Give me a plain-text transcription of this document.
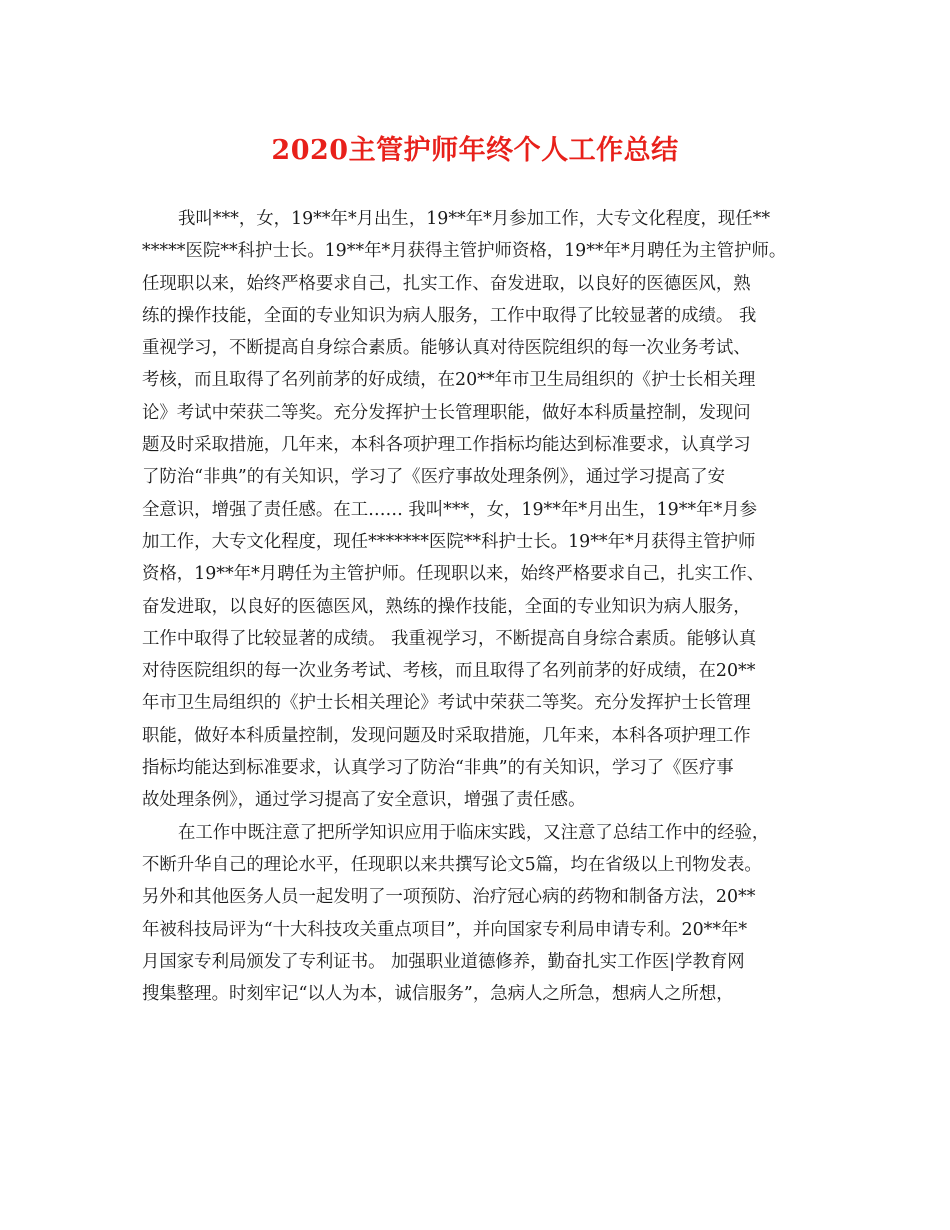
2020主管护师年终个人工作总结
我叫***，女，19**年*月出生，19**年*月参加工作，大专文化程度，现任**
*****医院**科护士长。19**年*月获得主管护师资格，19**年*月聘任为主管护师。
任现职以来，始终严格要求自己，扎实工作、奋发进取，以良好的医德医风，熟
练的操作技能，全面的专业知识为病人服务，工作中取得了比较显著的成绩。 我
重视学习，不断提高自身综合素质。能够认真对待医院组织的每一次业务考试、
考核，而且取得了名列前茅的好成绩，在20**年市卫生局组织的《护士长相关理
论》考试中荣获二等奖。充分发挥护士长管理职能，做好本科质量控制，发现问
题及时采取措施，几年来，本科各项护理工作指标均能达到标准要求，认真学习
了防治“非典”的有关知识，学习了《医疗事故处理条例》，通过学习提高了安
全意识，增强了责任感。在工…… 我叫***，女，19**年*月出生，19**年*月参
加工作，大专文化程度，现任*******医院**科护士长。19**年*月获得主管护师
资格，19**年*月聘任为主管护师。任现职以来，始终严格要求自己，扎实工作、
奋发进取，以良好的医德医风，熟练的操作技能，全面的专业知识为病人服务，
工作中取得了比较显著的成绩。 我重视学习，不断提高自身综合素质。能够认真
对待医院组织的每一次业务考试、考核，而且取得了名列前茅的好成绩，在20**
年市卫生局组织的《护士长相关理论》考试中荣获二等奖。充分发挥护士长管理
职能，做好本科质量控制，发现问题及时采取措施，几年来，本科各项护理工作
指标均能达到标准要求，认真学习了防治“非典”的有关知识，学习了《医疗事
故处理条例》，通过学习提高了安全意识，增强了责任感。
在工作中既注意了把所学知识应用于临床实践，又注意了总结工作中的经验，
不断升华自己的理论水平，任现职以来共撰写论文5篇，均在省级以上刊物发表。
另外和其他医务人员一起发明了一项预防、治疗冠心病的药物和制备方法，20**
年被科技局评为“十大科技攻关重点项目”，并向国家专利局申请专利。20**年*
月国家专利局颁发了专利证书。 加强职业道德修养，勤奋扎实工作医|学教育网
搜集整理。时刻牢记“以人为本，诚信服务”，急病人之所急，想病人之所想，
